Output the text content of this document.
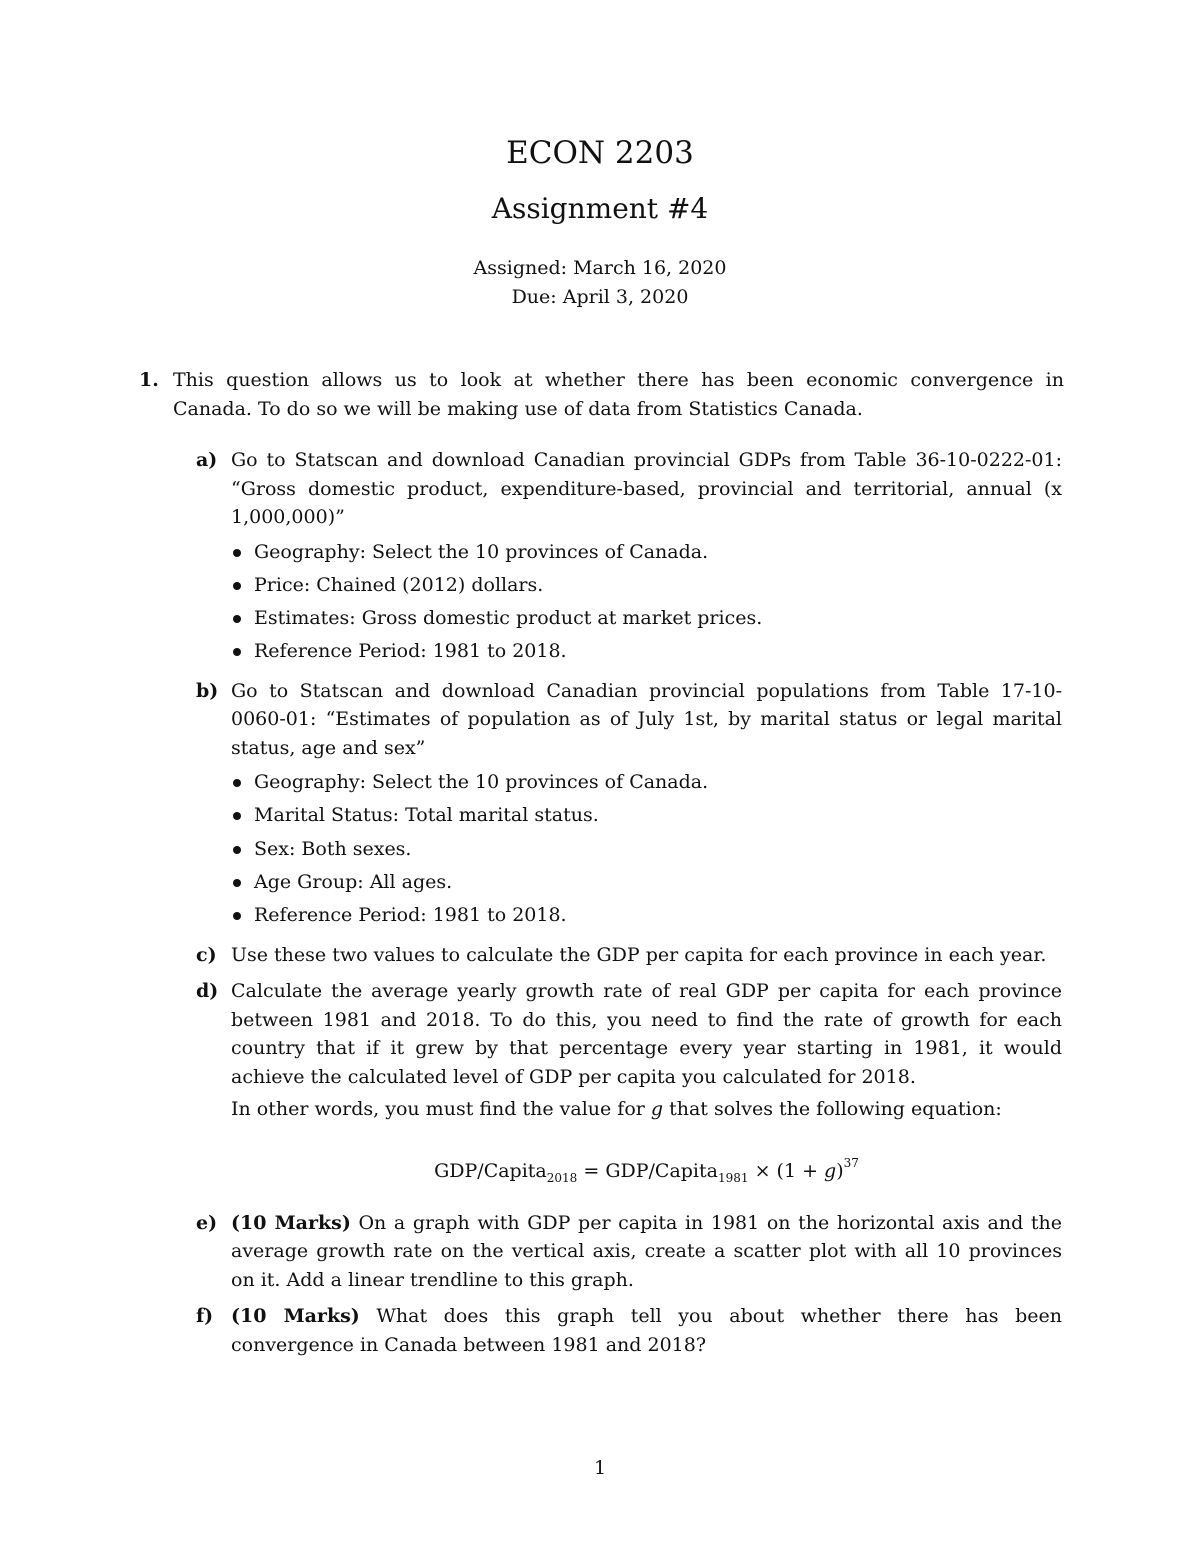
ECON 2203
Assignment #4
Assigned: March 16, 2020
Due: April 3, 2020
1. This question allows us to look at whether there has been economic convergence in Canada. To do so we will be making use of data from Statistics Canada.
a) Go to Statscan and download Canadian provincial GDPs from Table 36-10-0222-01: “Gross domestic product, expenditure-based, provincial and territorial, annual (x 1,000,000)”

Geography: Select the 10 provinces of Canada.
Price: Chained (2012) dollars.
Estimates: Gross domestic product at market prices.
Reference Period: 1981 to 2018.
b) Go to Statscan and download Canadian provincial populations from Table 17-10-0060-01: “Estimates of population as of July 1st, by marital status or legal marital status, age and sex”

Geography: Select the 10 provinces of Canada.
Marital Status: Total marital status.
Sex: Both sexes.
Age Group: All ages.
Reference Period: 1981 to 2018.
c) Use these two values to calculate the GDP per capita for each province in each year.

d) Calculate the average yearly growth rate of real GDP per capita for each province between 1981 and 2018. To do this, you need to find the rate of growth for each country that if it grew by that percentage every year starting in 1981, it would achieve the calculated level of GDP per capita you calculated for 2018.

In other words, you must find the value for g that solves the following equation:

GDP/Capita$_{2018}$ = GDP/Capita$_{1981}$ × $(1 + g)^{37}$
e) (10 Marks) On a graph with GDP per capita in 1981 on the horizontal axis and the average growth rate on the vertical axis, create a scatter plot with all 10 provinces on it. Add a linear trendline to this graph.

f) (10 Marks) What does this graph tell you about whether there has been convergence in Canada between 1981 and 2018?

1
